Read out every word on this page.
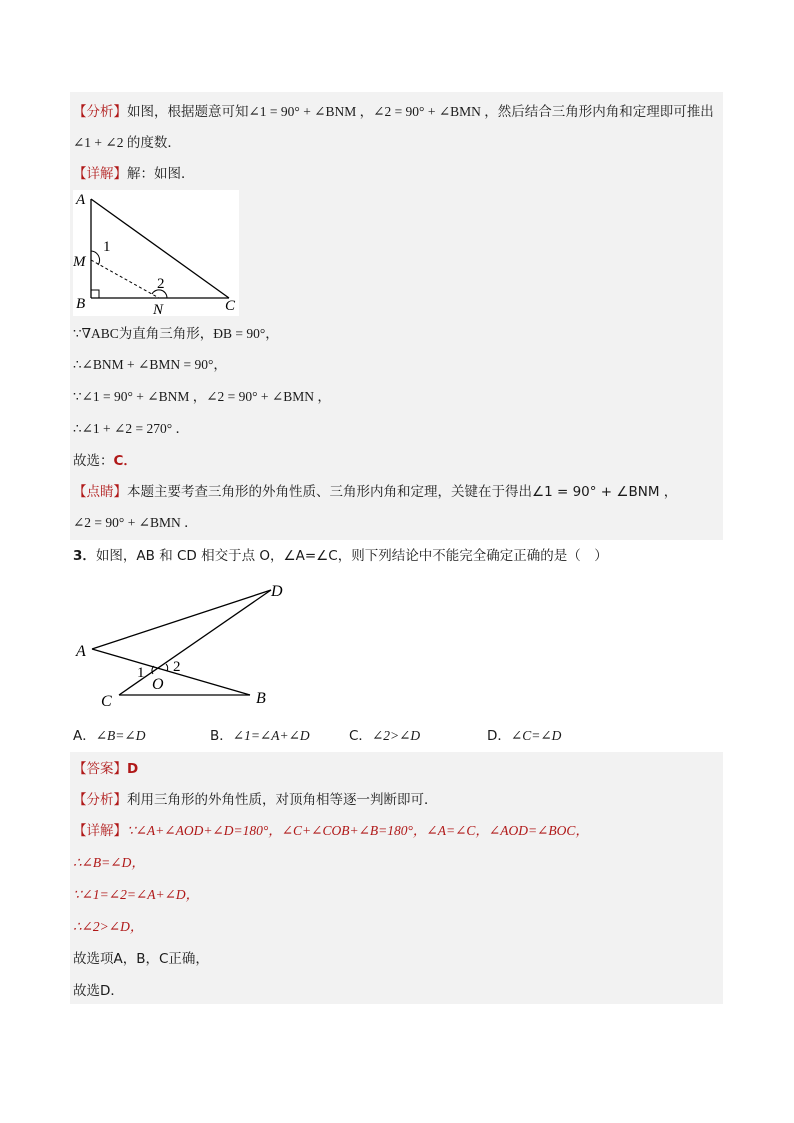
【分析】如图，根据题意可知∠1 = 90° + ∠BNM ，∠2 = 90° + ∠BMN ，然后结合三角形内角和定理即可推出
∠1 + ∠2 的度数．
【详解】解：如图．
A
M
B	N	C
1
2
∵∇ABC为直角三角形，ÐB = 90°，
∴∠BNM + ∠BMN = 90°，
∵∠1 = 90° + ∠BNM ，∠2 = 90° + ∠BMN ，
∴∠1 + ∠2 = 270° ．
故选：C．
【点睛】本题主要考查三角形的外角性质、三角形内角和定理，关键在于得出∠1 = 90° + ∠BNM ，
∠2 = 90° + ∠BMN ．
3．如图，AB 和 CD 相交于点 O，∠A=∠C，则下列结论中不能完全确定正确的是（　）
D
A
C	B
O
1 2
A．∠B=∠D	B．∠1=∠A+∠D	C．∠2>∠D	D．∠C=∠D
【答案】D
【分析】利用三角形的外角性质，对顶角相等逐一判断即可．
【详解】∵∠A+∠AOD+∠D=180°，∠C+∠COB+∠B=180°，∠A=∠C，∠AOD=∠BOC，
∴∠B=∠D，
∵∠1=∠2=∠A+∠D，
∴∠2>∠D，
故选项A，B，C正确，
故选D．
